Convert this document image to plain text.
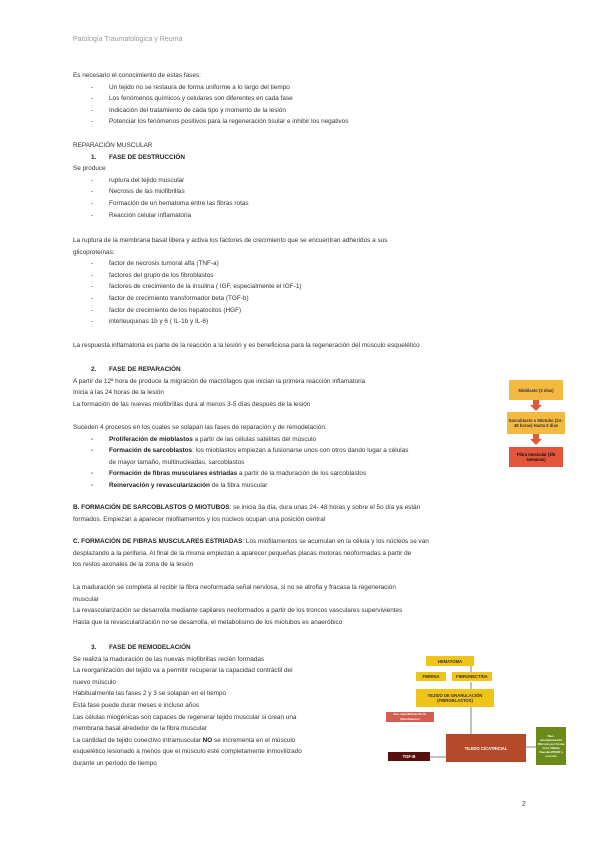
Patología Traumatológica y Reuma

Es necesario el conocimiento de estas fases:

- Un tejido no se restaura de forma uniforme a lo largo del tiempo
- Los fenómenos químicos y celulares son diferentes en cada fase
- Indicación del tratamiento de cada tipo y momento de la lesión
- Potenciar los fenómenos positivos para la regeneración tisular e inhibir los negativos

REPARACIÓN MUSCULAR

1. FASE DE DESTRUCCIÓN

Se produce

- ruptura del tejido muscular
- Necrosis de las miofibrillas
- Formación de un hematoma entre las fibras rotas
- Reacción celular inflamatoria

La ruptura de la membrana basal libera y activa los factores de crecimiento que se encuentran adheridos a sus

glicoproteínas:

- factor de necrosis tumoral alfa (TNF-a)
- factores del grupo de los fibroblastos
- factores de crecimiento de la insulina ( IGF, especialmente el IGF-1)
- factor de crecimiento transformador beta (TGF-b)
- factor de crecimiento de los hepatocitos (HGF)
- interleuquinas 1b y 6 ( IL-1b y IL-6)

La respuesta inflamatoria es parte de la reacción a la lesión y es beneficiosa para la regeneración del músculo esquelético

2. FASE DE REPARACIÓN

A partir de 12ª hora de produce la migración de macrófagos que inician la primera reacción inflamatoria

Inicia a las 24 horas de la lesión

La formación de las nuevas miofibrillas dura al menos 3-5 días después de la lesión

Suceden 4 procesos en los cuales se solapan las fases de reparación y de remodelación:

- Proliferación de mioblastos a partir de las células satélites del músculo
- Formación de sarcoblastos: los mioblastos empiezan a fusionarse unos con otros dando lugar a células
de mayor tamaño, multinucleadas, sarcoblastos
- Formación de fibras musculares estriadas a partir de la maduración de los sarcoblastos
- Reinervación y revascularización de la fibra muscular

B. FORMACIÓN DE SARCOBLASTOS O MIOTUBOS: se inicia 3a día, dura unas 24- 48 horas y sobre el 5o día ya están

formados. Empiezan a aparecer miofilamentos y los núcleos ocupan una posición central

C. FORMACIÓN DE FIBRAS MUSCULARES ESTRIADAS: Los miofilamentos se acumulan en la célula y los núcleos se van

desplazando a la periferia. Al final de la misma empiezan a aparecer pequeñas placas motoras neoformadas a partir de

los restos axonales de la zona de la lesión

La maduración se completa al recibir la fibra neoformada señal nerviosa, si no se atrofia y fracasa la regeneración

muscular

La revascularización se desarrolla mediante capilares neoformados a partir de los troncos vasculares supervivientes

Hasta que la revascularización no se desarrolla, el metabolismo de los miotubos es anaeróbico

3. FASE DE REMODELACIÓN

Se realiza la maduración de las nuevas miofibrillas recién formadas

La reorganización del tejido va a permitir recuperar la capacidad contráctil del

nuevo músculo

Habitualmente las fases 2 y 3 se solapan en el tiempo

Esta fase puede durar meses e incluso años

Las células miogénicas son capaces de regenerar tejido muscular si crean una

membrana basal alrededor de la fibra muscular

La cantidad de tejido conectivo intramuscular NO se incrementa en el músculo

esquelético lesionado a menos que el músculo esté completamente inmovilizado

durante un período de tiempo

Mioblasto (3 días)
Sarcoblasto o Miotubo (24 - 48 horas) Hasta 5 días
Fibra muscular (3/5 semanas)
HEMATOMA
FIBRINA	FIBRONECTINA
TEJIDO DE GRANULACIÓN (FIBROBLASTOS)
Neo-vascularización 6+ (fibroblastos)
TEJIDO CICATRICIAL
TGF-B
Neo-vascularización (fibrosis por forma Cruz Villalta Vasculo-PROIF y con mio
2
